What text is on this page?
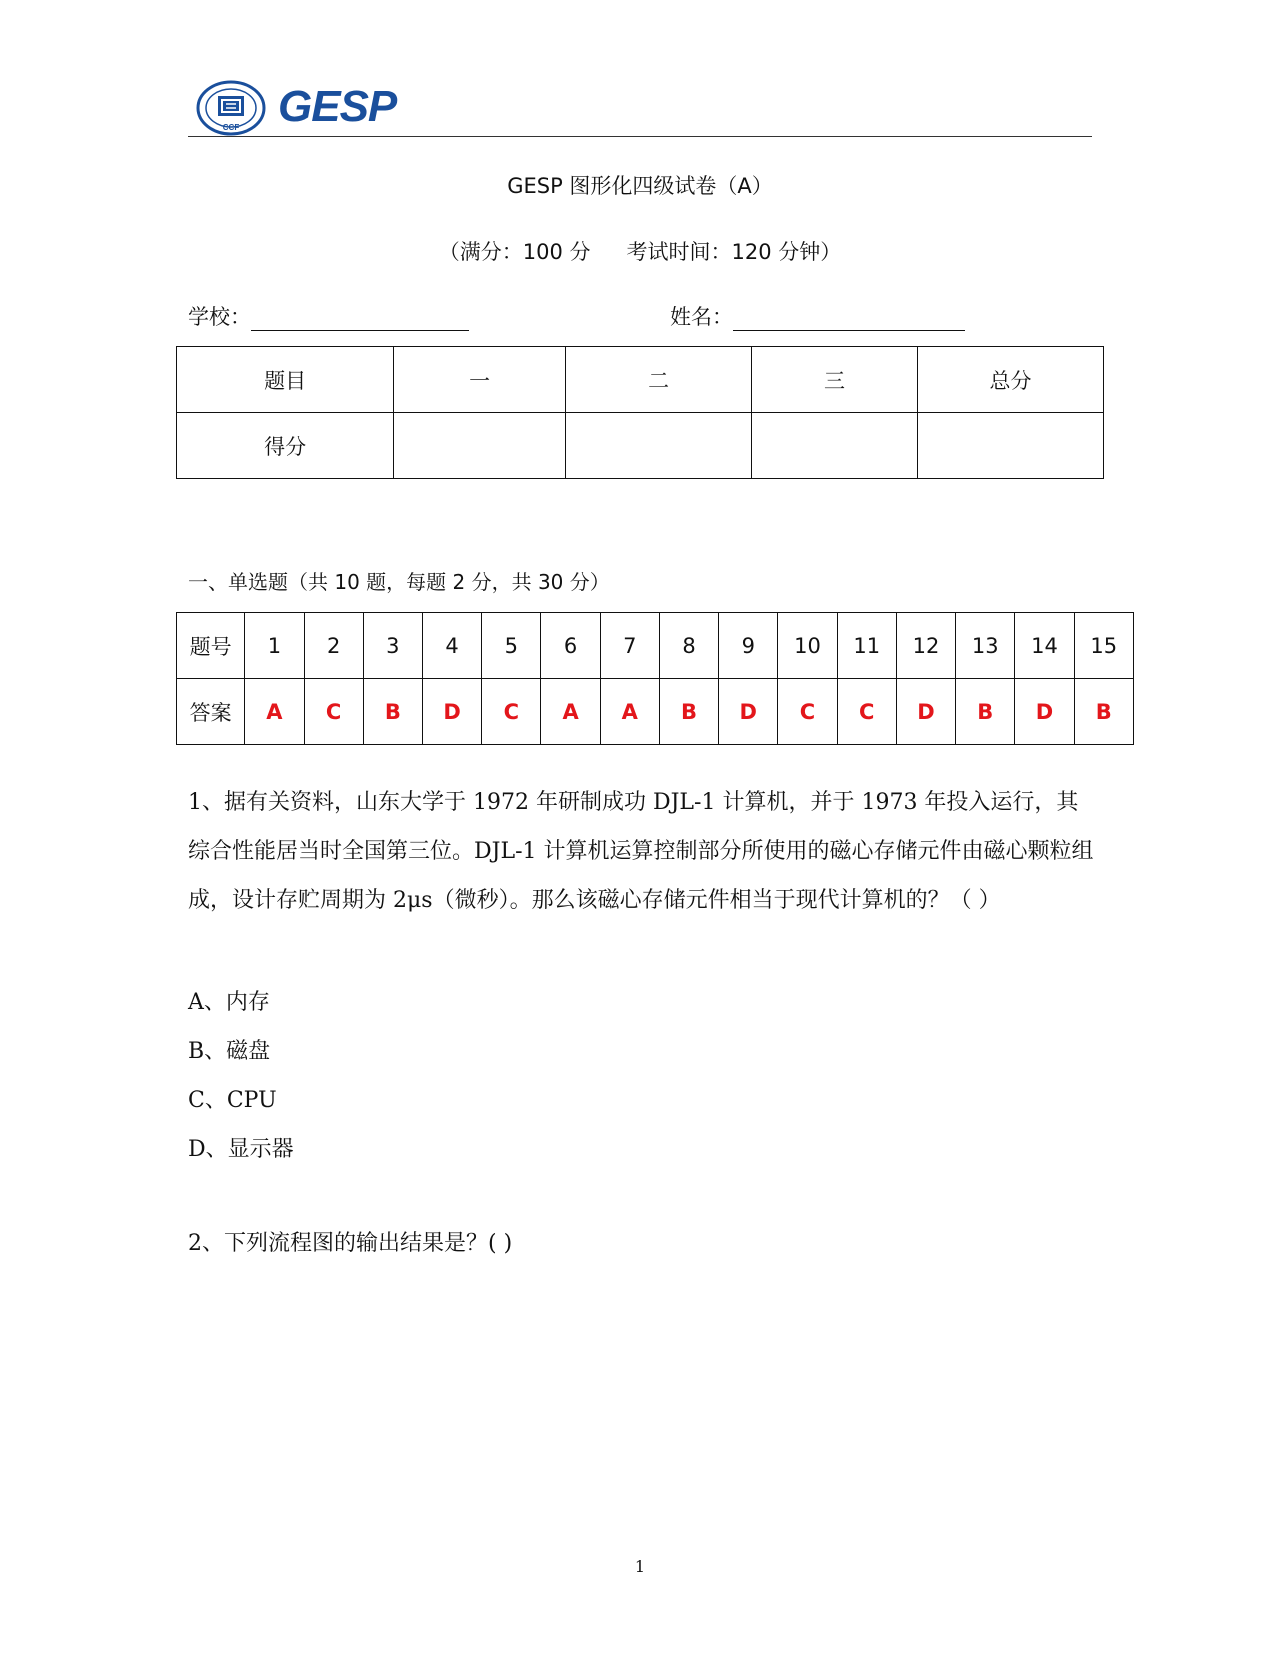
CCF GESP
GESP 图形化四级试卷（A）
（满分：100 分 考试时间：120 分钟）
学校：	姓名：
题目	一	二	三	总分
得分				
一、单选题（共 10 题，每题 2 分，共 30 分）
题号	1	2	3	4	5	6	7	8	9	10	11	12	13	14	15
答案	A	C	B	D	C	A	A	B	D	C	C	D	B	D	B
1、据有关资料，山东大学于 1972 年研制成功 DJL-1 计算机，并于 1973 年投入运行，其综合性能居当时全国第三位。DJL-1 计算机运算控制部分所使用的磁心存储元件由磁心颗粒组成，设计存贮周期为 2μs（微秒）。那么该磁心存储元件相当于现代计算机的？（ ）
A、内存
B、磁盘
C、CPU
D、显示器
2、下列流程图的输出结果是？( )
1
